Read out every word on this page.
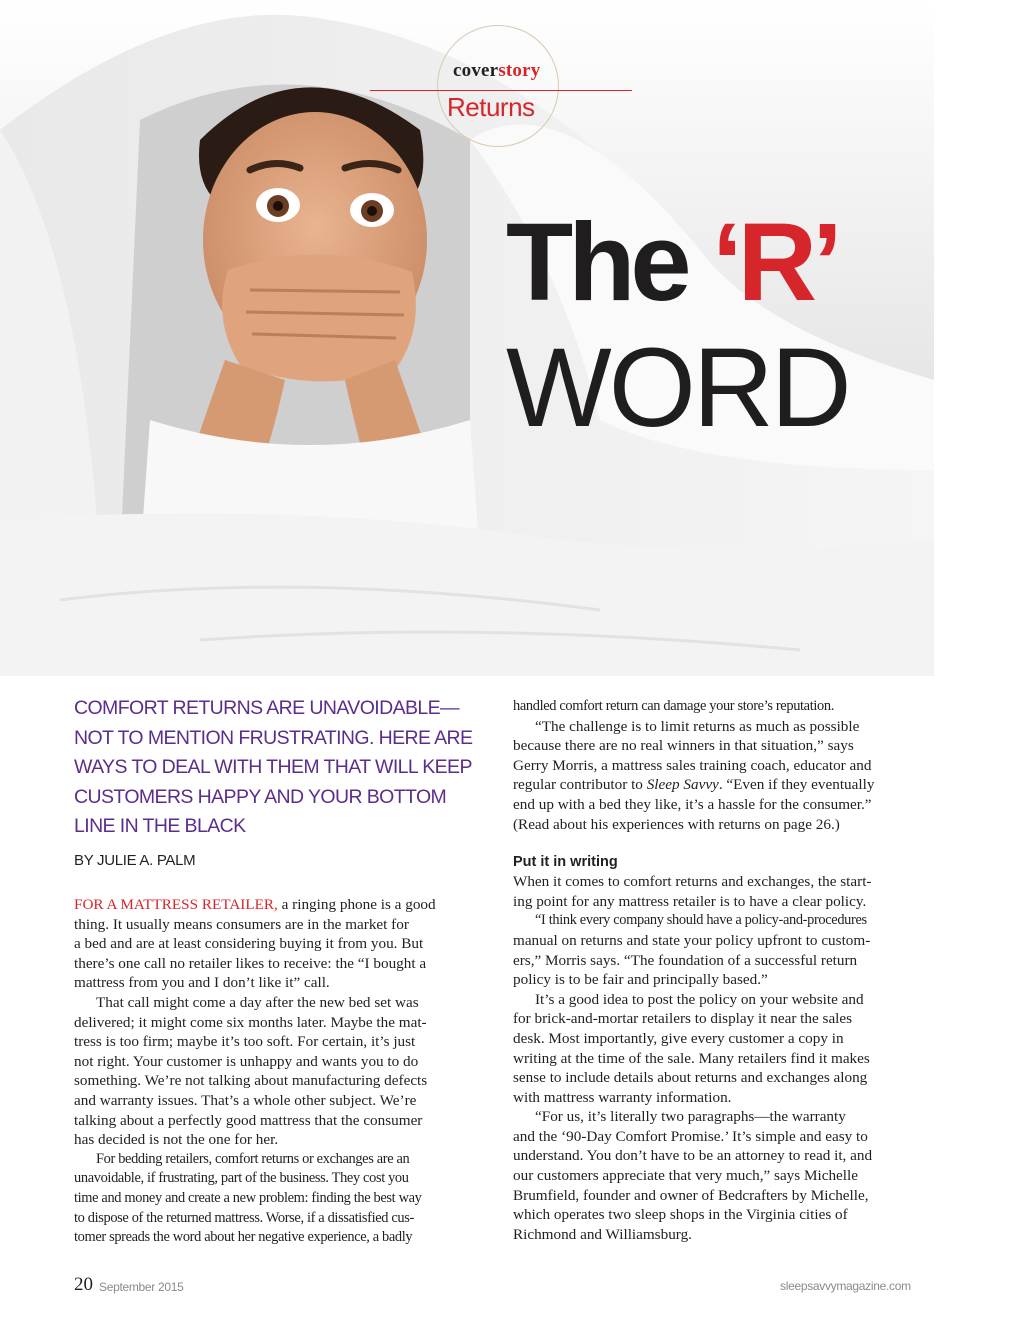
coverstory
Returns
The ‘R’
WORD
COMFORT RETURNS ARE UNAVOIDABLE—
NOT TO MENTION FRUSTRATING. HERE ARE
WAYS TO DEAL WITH THEM THAT WILL KEEP
CUSTOMERS HAPPY AND YOUR BOTTOM
LINE IN THE BLACK
BY JULIE A. PALM
FOR A MATTRESS RETAILER, a ringing phone is a good
thing. It usually means consumers are in the market for
a bed and are at least considering buying it from you. But
there’s one call no retailer likes to receive: the “I bought a
mattress from you and I don’t like it” call.
That call might come a day after the new bed set was
delivered; it might come six months later. Maybe the mat-
tress is too firm; maybe it’s too soft. For certain, it’s just
not right. Your customer is unhappy and wants you to do
something. We’re not talking about manufacturing defects
and warranty issues. That’s a whole other subject. We’re
talking about a perfectly good mattress that the consumer
has decided is not the one for her.
For bedding retailers, comfort returns or exchanges are an
unavoidable, if frustrating, part of the business. They cost you
time and money and create a new problem: finding the best way
to dispose of the returned mattress. Worse, if a dissatisfied cus-
tomer spreads the word about her negative experience, a badly
handled comfort return can damage your store’s reputation.
“The challenge is to limit returns as much as possible
because there are no real winners in that situation,” says
Gerry Morris, a mattress sales training coach, educator and
regular contributor to Sleep Savvy. “Even if they eventually
end up with a bed they like, it’s a hassle for the consumer.”
(Read about his experiences with returns on page 26.)
Put it in writing
When it comes to comfort returns and exchanges, the start-
ing point for any mattress retailer is to have a clear policy.
“I think every company should have a policy-and-procedures
manual on returns and state your policy upfront to custom-
ers,” Morris says. “The foundation of a successful return
policy is to be fair and principally based.”
It’s a good idea to post the policy on your website and
for brick-and-mortar retailers to display it near the sales
desk. Most importantly, give every customer a copy in
writing at the time of the sale. Many retailers find it makes
sense to include details about returns and exchanges along
with mattress warranty information.
“For us, it’s literally two paragraphs—the warranty
and the ‘90-Day Comfort Promise.’ It’s simple and easy to
understand. You don’t have to be an attorney to read it, and
our customers appreciate that very much,” says Michelle
Brumfield, founder and owner of Bedcrafters by Michelle,
which operates two sleep shops in the Virginia cities of
Richmond and Williamsburg.
20 September 2015	sleepsavvymagazine.com
